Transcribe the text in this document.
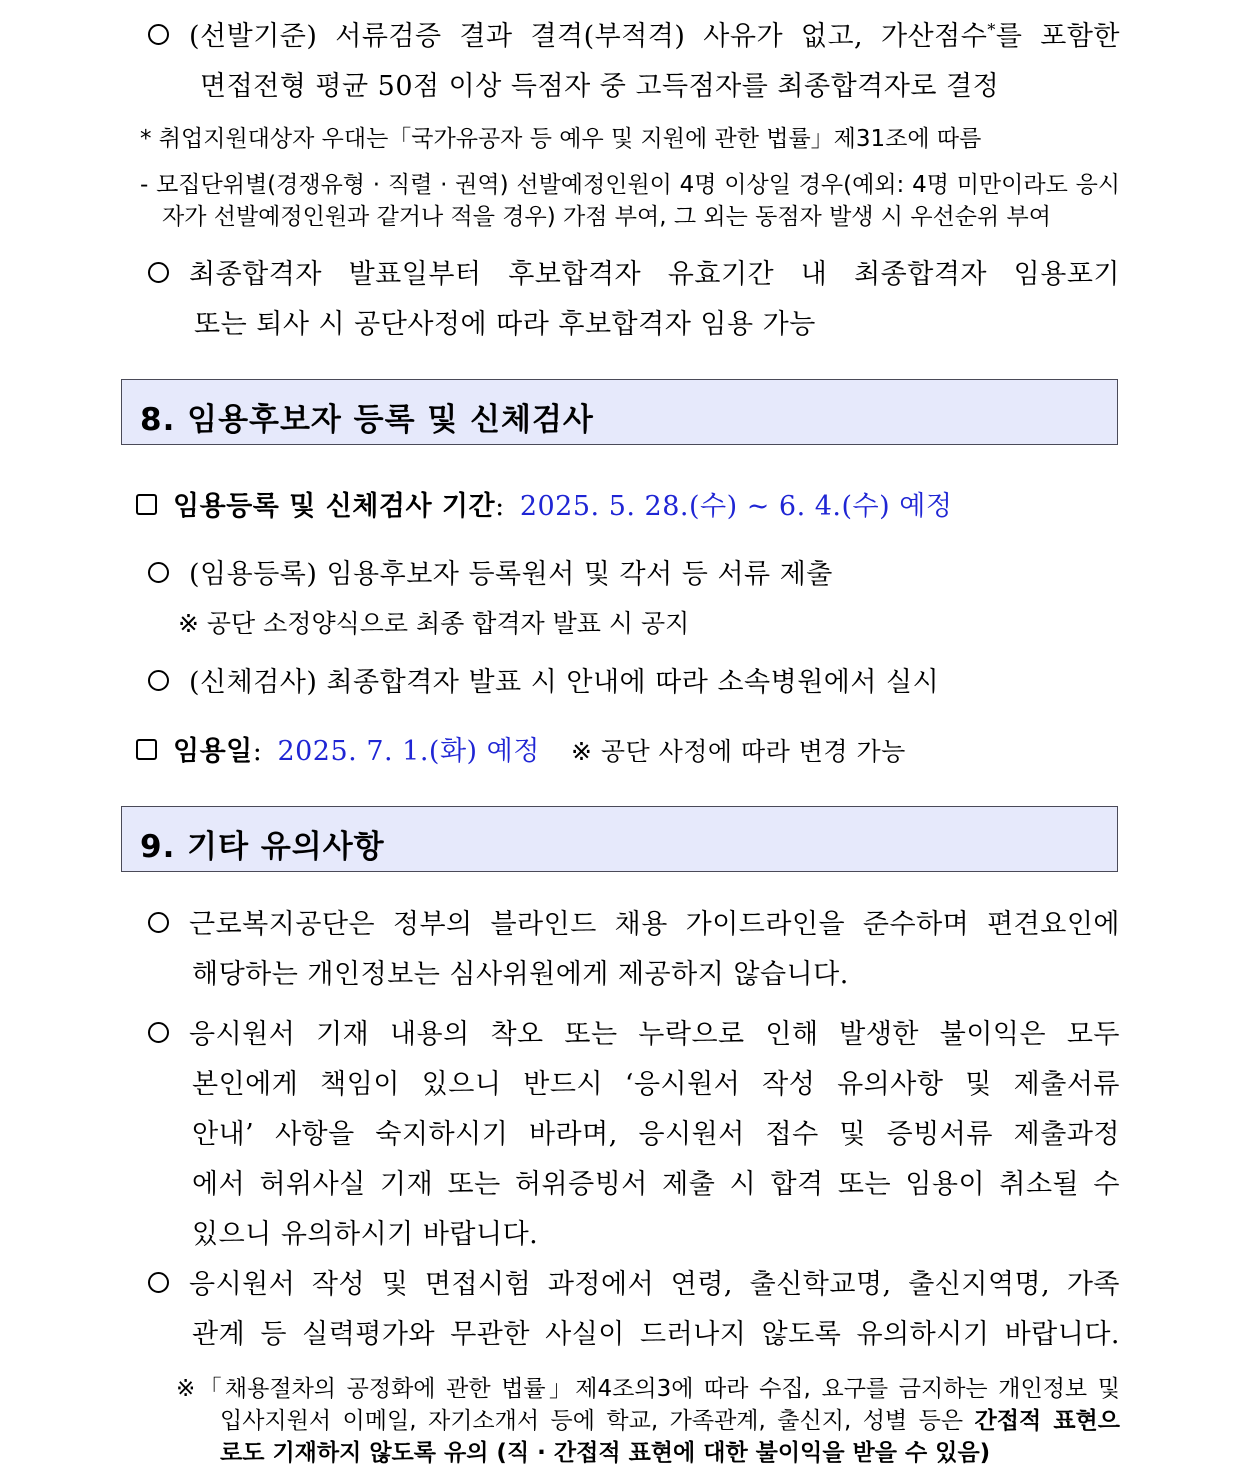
(선발기준) 서류검증 결과 결격(부적격) 사유가 없고, 가산점수*를 포함한
면접전형 평균 50점 이상 득점자 중 고득점자를 최종합격자로 결정
* 취업지원대상자 우대는「국가유공자 등 예우 및 지원에 관한 법률」제31조에 따름
- 모집단위별(경쟁유형 · 직렬 · 권역) 선발예정인원이 4명 이상일 경우(예외: 4명 미만이라도 응시
자가 선발예정인원과 같거나 적을 경우) 가점 부여, 그 외는 동점자 발생 시 우선순위 부여
최종합격자 발표일부터 후보합격자 유효기간 내 최종합격자 임용포기
또는 퇴사 시 공단사정에 따라 후보합격자 임용 가능
8. 임용후보자 등록 및 신체검사
임용등록 및 신체검사 기간: 2025. 5. 28.(수) ~ 6. 4.(수) 예정
(임용등록) 임용후보자 등록원서 및 각서 등 서류 제출
※ 공단 소정양식으로 최종 합격자 발표 시 공지
(신체검사) 최종합격자 발표 시 안내에 따라 소속병원에서 실시
임용일: 2025. 7. 1.(화) 예정 ※ 공단 사정에 따라 변경 가능
9. 기타 유의사항
근로복지공단은 정부의 블라인드 채용 가이드라인을 준수하며 편견요인에
해당하는 개인정보는 심사위원에게 제공하지 않습니다.
응시원서 기재 내용의 착오 또는 누락으로 인해 발생한 불이익은 모두
본인에게 책임이 있으니 반드시 ‘응시원서 작성 유의사항 및 제출서류
안내’ 사항을 숙지하시기 바라며, 응시원서 접수 및 증빙서류 제출과정
에서 허위사실 기재 또는 허위증빙서 제출 시 합격 또는 임용이 취소될 수
있으니 유의하시기 바랍니다.
응시원서 작성 및 면접시험 과정에서 연령, 출신학교명, 출신지역명, 가족
관계 등 실력평가와 무관한 사실이 드러나지 않도록 유의하시기 바랍니다.
※「채용절차의 공정화에 관한 법률」제4조의3에 따라 수집, 요구를 금지하는 개인정보 및
입사지원서 이메일, 자기소개서 등에 학교, 가족관계, 출신지, 성별 등은 간접적 표현으
로도 기재하지 않도록 유의 (직 · 간접적 표현에 대한 불이익을 받을 수 있음)
